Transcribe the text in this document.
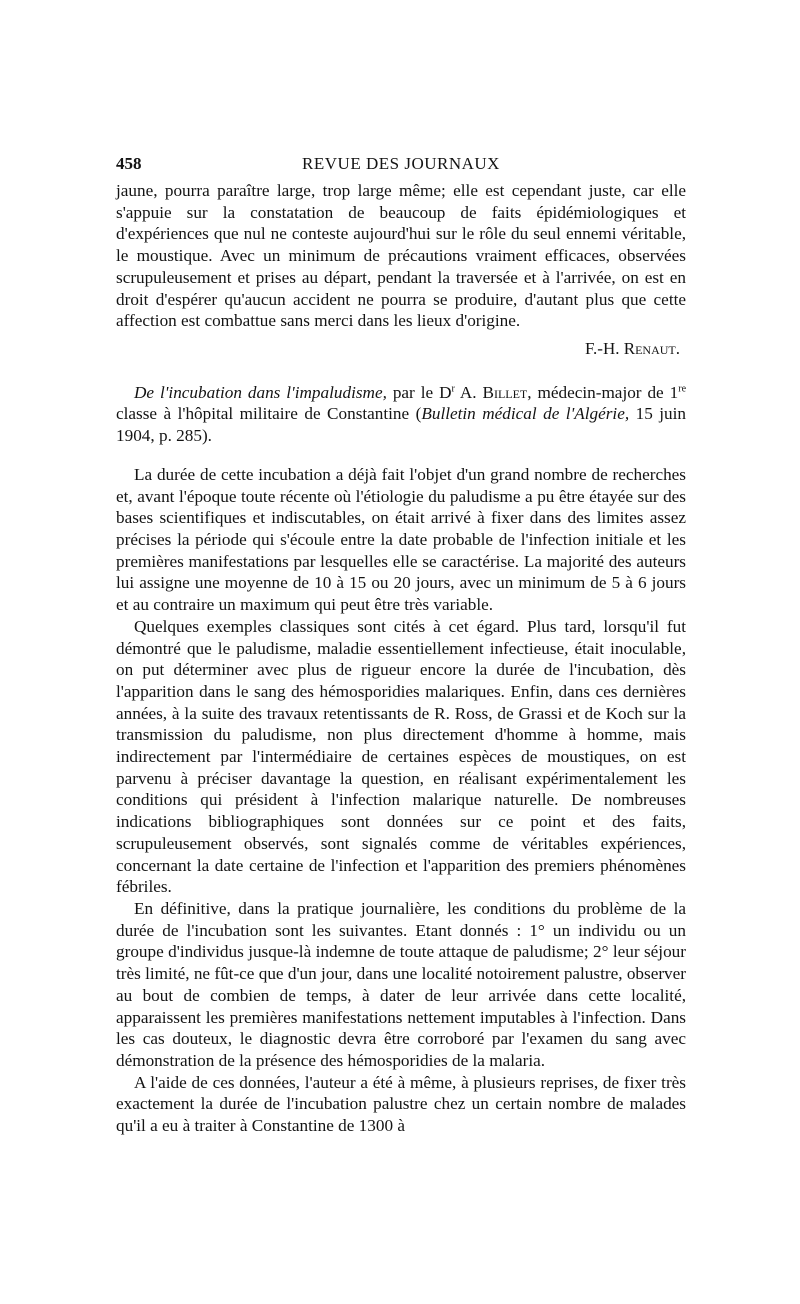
458	REVUE DES JOURNAUX

jaune, pourra paraître large, trop large même; elle est cependant juste, car elle s'appuie sur la constatation de beaucoup de faits épidémiologiques et d'expériences que nul ne conteste aujourd'hui sur le rôle du seul ennemi véritable, le moustique. Avec un minimum de précautions vraiment efficaces, observées scrupuleusement et prises au départ, pendant la traversée et à l'arrivée, on est en droit d'espérer qu'aucun accident ne pourra se produire, d'autant plus que cette affection est combattue sans merci dans les lieux d'origine.

F.-H. Renaut.

De l'incubation dans l'impaludisme, par le $D^r$ A. Billet, médecin-major de 1re classe à l'hôpital militaire de Constantine (Bulletin médical de l'Algérie, 15 juin 1904, p. 285).

La durée de cette incubation a déjà fait l'objet d'un grand nombre de recherches et, avant l'époque toute récente où l'étiologie du paludisme a pu être étayée sur des bases scientifiques et indiscutables, on était arrivé à fixer dans des limites assez précises la période qui s'écoule entre la date probable de l'infection initiale et les premières manifestations par lesquelles elle se caractérise. La majorité des auteurs lui assigne une moyenne de 10 à 15 ou 20 jours, avec un minimum de 5 à 6 jours et au contraire un maximum qui peut être très variable.

Quelques exemples classiques sont cités à cet égard. Plus tard, lorsqu'il fut démontré que le paludisme, maladie essentiellement infectieuse, était inoculable, on put déterminer avec plus de rigueur encore la durée de l'incubation, dès l'apparition dans le sang des hémosporidies malariques. Enfin, dans ces dernières années, à la suite des travaux retentissants de R. Ross, de Grassi et de Koch sur la transmission du paludisme, non plus directement d'homme à homme, mais indirectement par l'intermédiaire de certaines espèces de moustiques, on est parvenu à préciser davantage la question, en réalisant expérimentalement les conditions qui président à l'infection malarique naturelle. De nombreuses indications bibliographiques sont données sur ce point et des faits, scrupuleusement observés, sont signalés comme de véritables expériences, concernant la date certaine de l'infection et l'apparition des premiers phénomènes fébriles.

En définitive, dans la pratique journalière, les conditions du problème de la durée de l'incubation sont les suivantes. Etant donnés : 1° un individu ou un groupe d'individus jusque-là indemne de toute attaque de paludisme; 2° leur séjour très limité, ne fût-ce que d'un jour, dans une localité notoirement palustre, observer au bout de combien de temps, à dater de leur arrivée dans cette localité, apparaissent les premières manifestations nettement imputables à l'infection. Dans les cas douteux, le diagnostic devra être corroboré par l'examen du sang avec démonstration de la présence des hémosporidies de la malaria.

A l'aide de ces données, l'auteur a été à même, à plusieurs reprises, de fixer très exactement la durée de l'incubation palustre chez un certain nombre de malades qu'il a eu à traiter à Constantine de 1300 à
